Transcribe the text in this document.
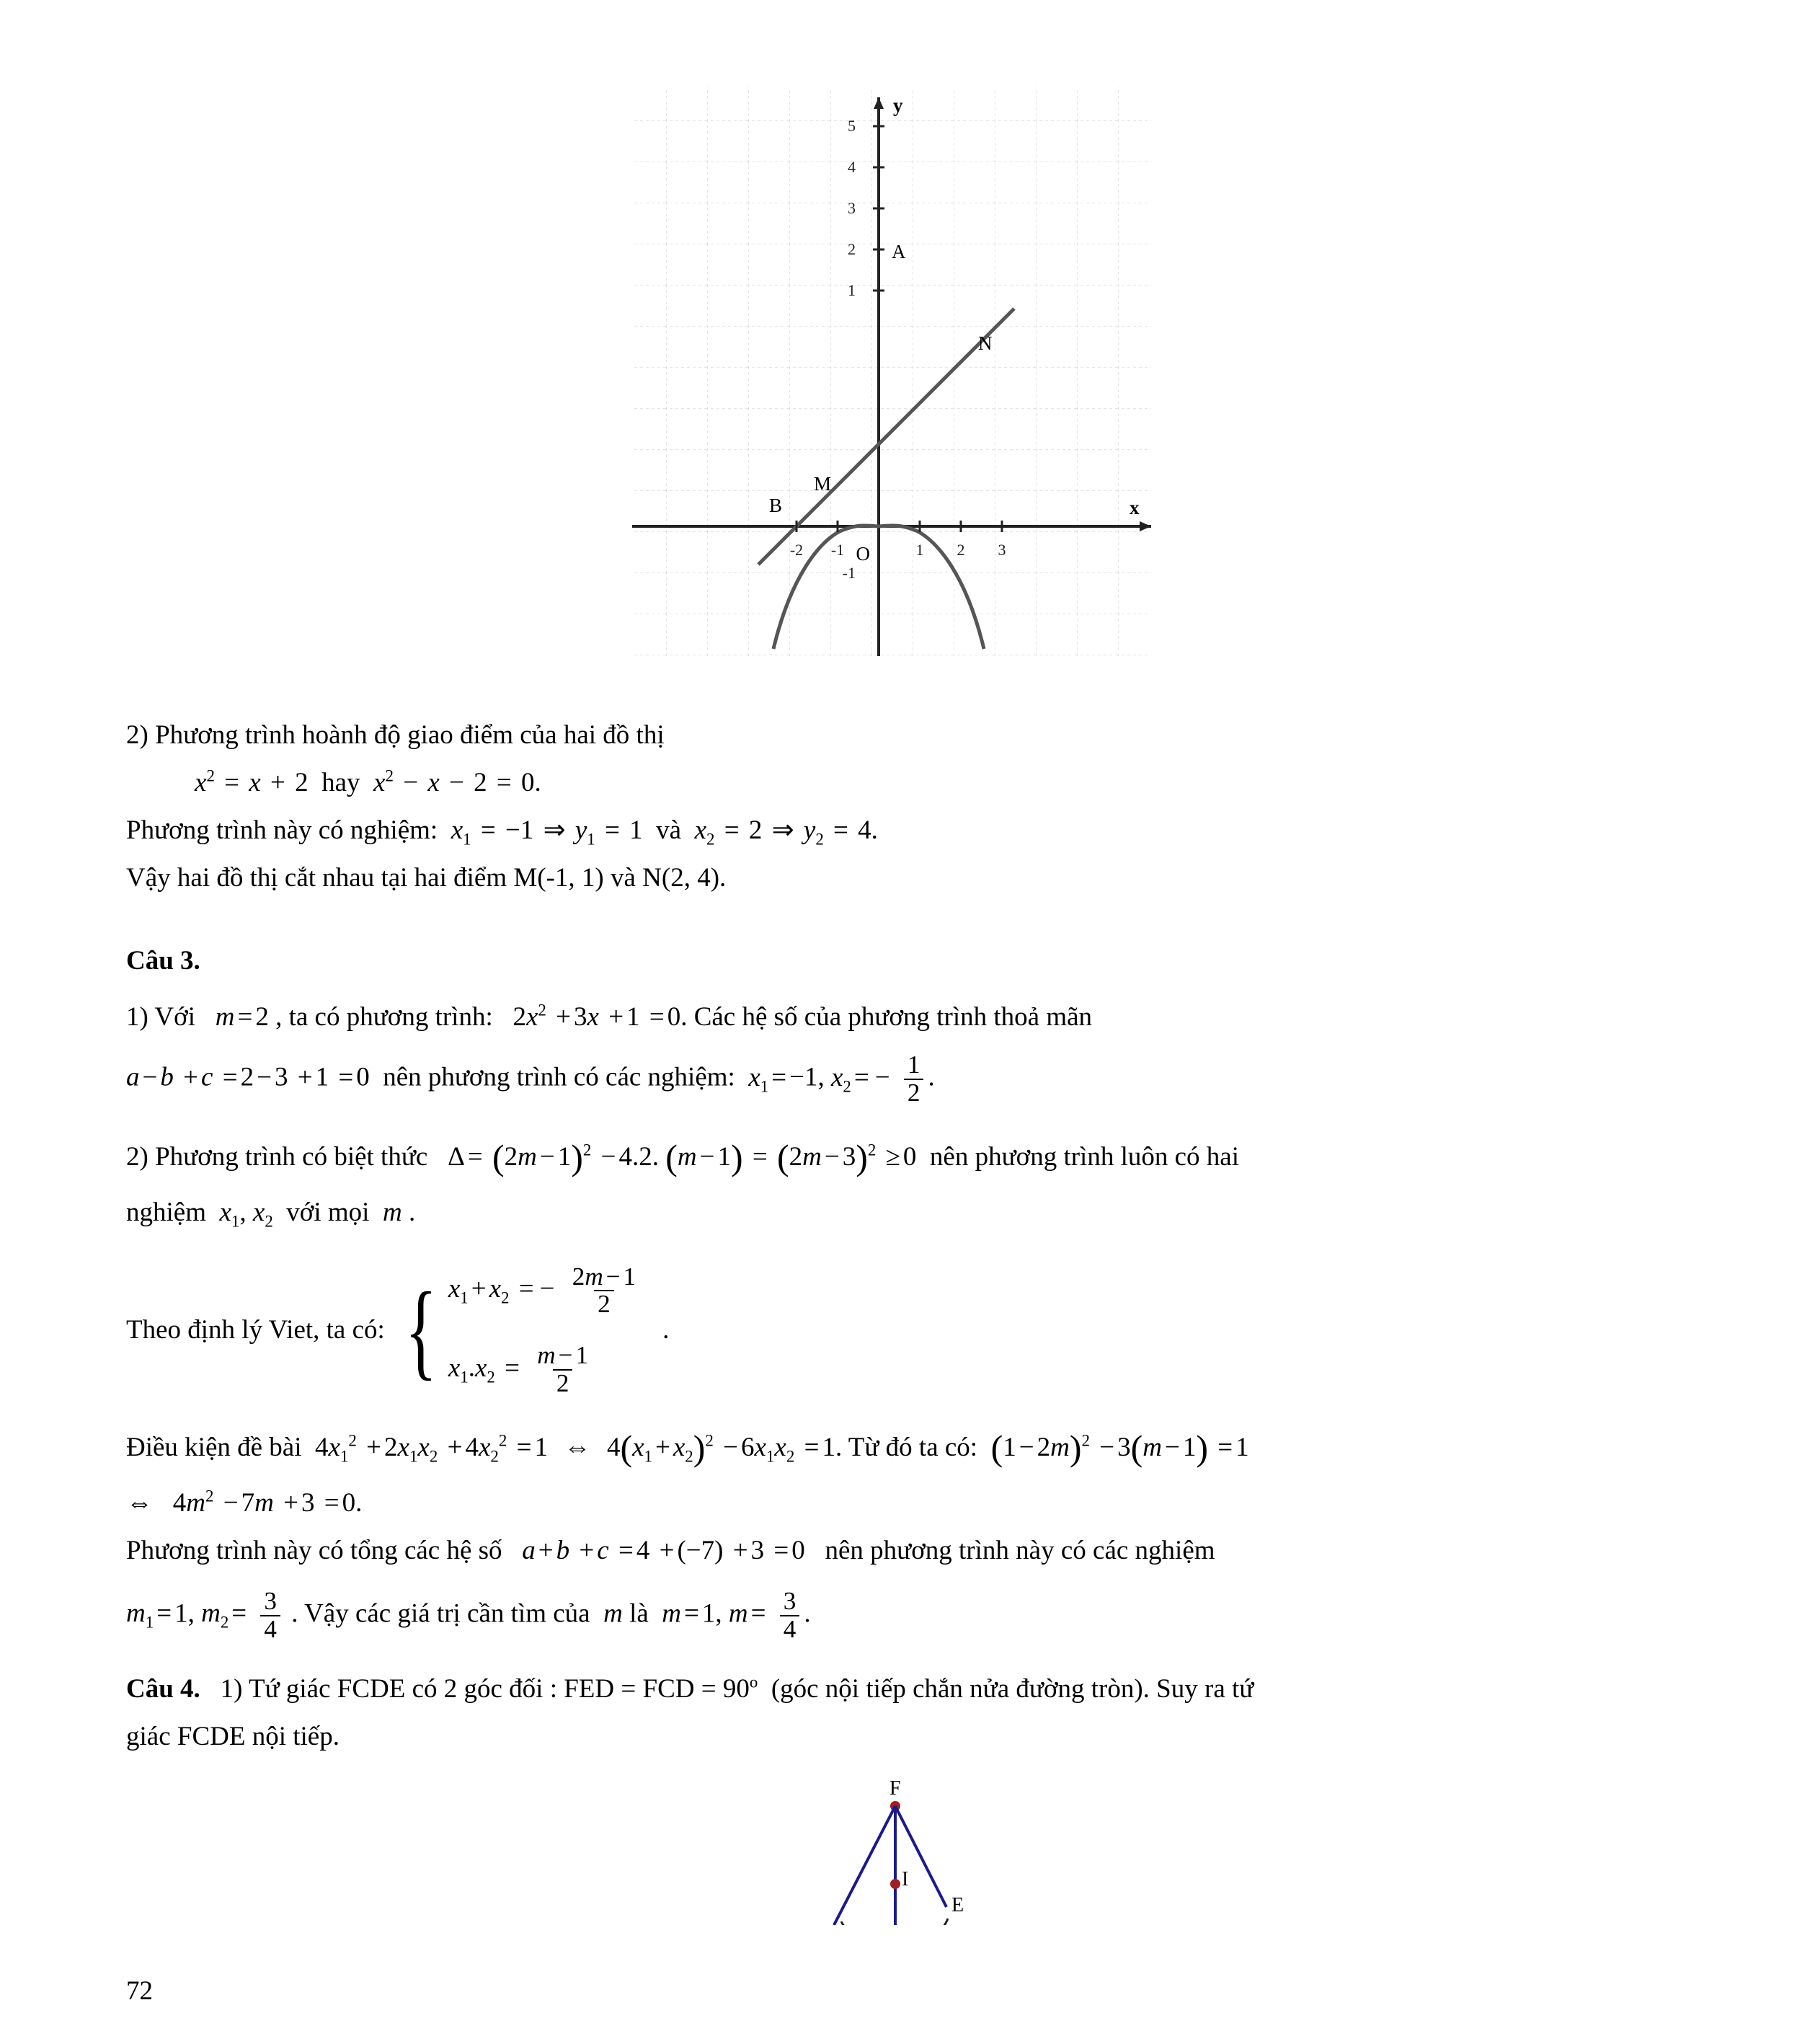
5
4
3
2
1
-1
-2 -1	1 2 3
y
x
O
A
B
M
N

2) Phương trình hoành độ giao điểm của hai đồ thị

$x^2 = x + 2$ hay $x^2 - x - 2 = 0$.

Phương trình này có nghiệm: $x_1 = -1$ ⇒ $y_1 = 1$ và $x_2 = 2$ ⇒ $y_2 = 4$.

Vậy hai đồ thị cắt nhau tại hai điểm M(-1, 1) và N(2, 4).

Câu 3.

1) Với m = 2 , ta có phương trình: $2x^2 + 3x + 1 = 0$. Các hệ số của phương trình thoả mãn

a − b + c = 2 − 3 + 1 = 0 nên phương trình có các nghiệm: $x_1 = -1$, $x_2$ = − $\frac{1}{2}$ .

2) Phương trình có biệt thức $\Delta = (2m - 1)^2 - 4.2$. $(m - 1) = (2m - 3)^2 \ge 0$ nên phương trình luôn có hai

nghiệm $x_1$, $x_2$ với mọi m .

Theo định lý Viet, ta có: { $x_1 + x_2$ = − $\frac{2m - 1}{2}$
$x_1.x_2 = \frac{m - 1}{2}$
.

Điều kiện đề bài $4x_1^2 + 2x_1x_2 + 4x_2^2 = 1$ ⇔ $4(x_1 + x_2)^2 - 6x_1x_2 = 1$. Từ đó ta có: $(1 - 2m)^2 - 3(m - 1) = 1$

⇔ $4m^2 - 7m + 3 = 0$.

Phương trình này có tổng các hệ số a + b + c = 4 + (−7) + 3 = 0 nên phương trình này có các nghiệm

$m_1 = 1$, $m_2 = \frac{3}{4}$ . Vậy các giá trị cần tìm của m là m = 1, $m = \frac{3}{4}$ .

Câu 4. 1) Tứ giác FCDE có 2 góc đối : FED = FCD = $90^o$ (góc nội tiếp chắn nửa đường tròn). Suy ra tứ

giác FCDE nội tiếp.

F
I
E
72
